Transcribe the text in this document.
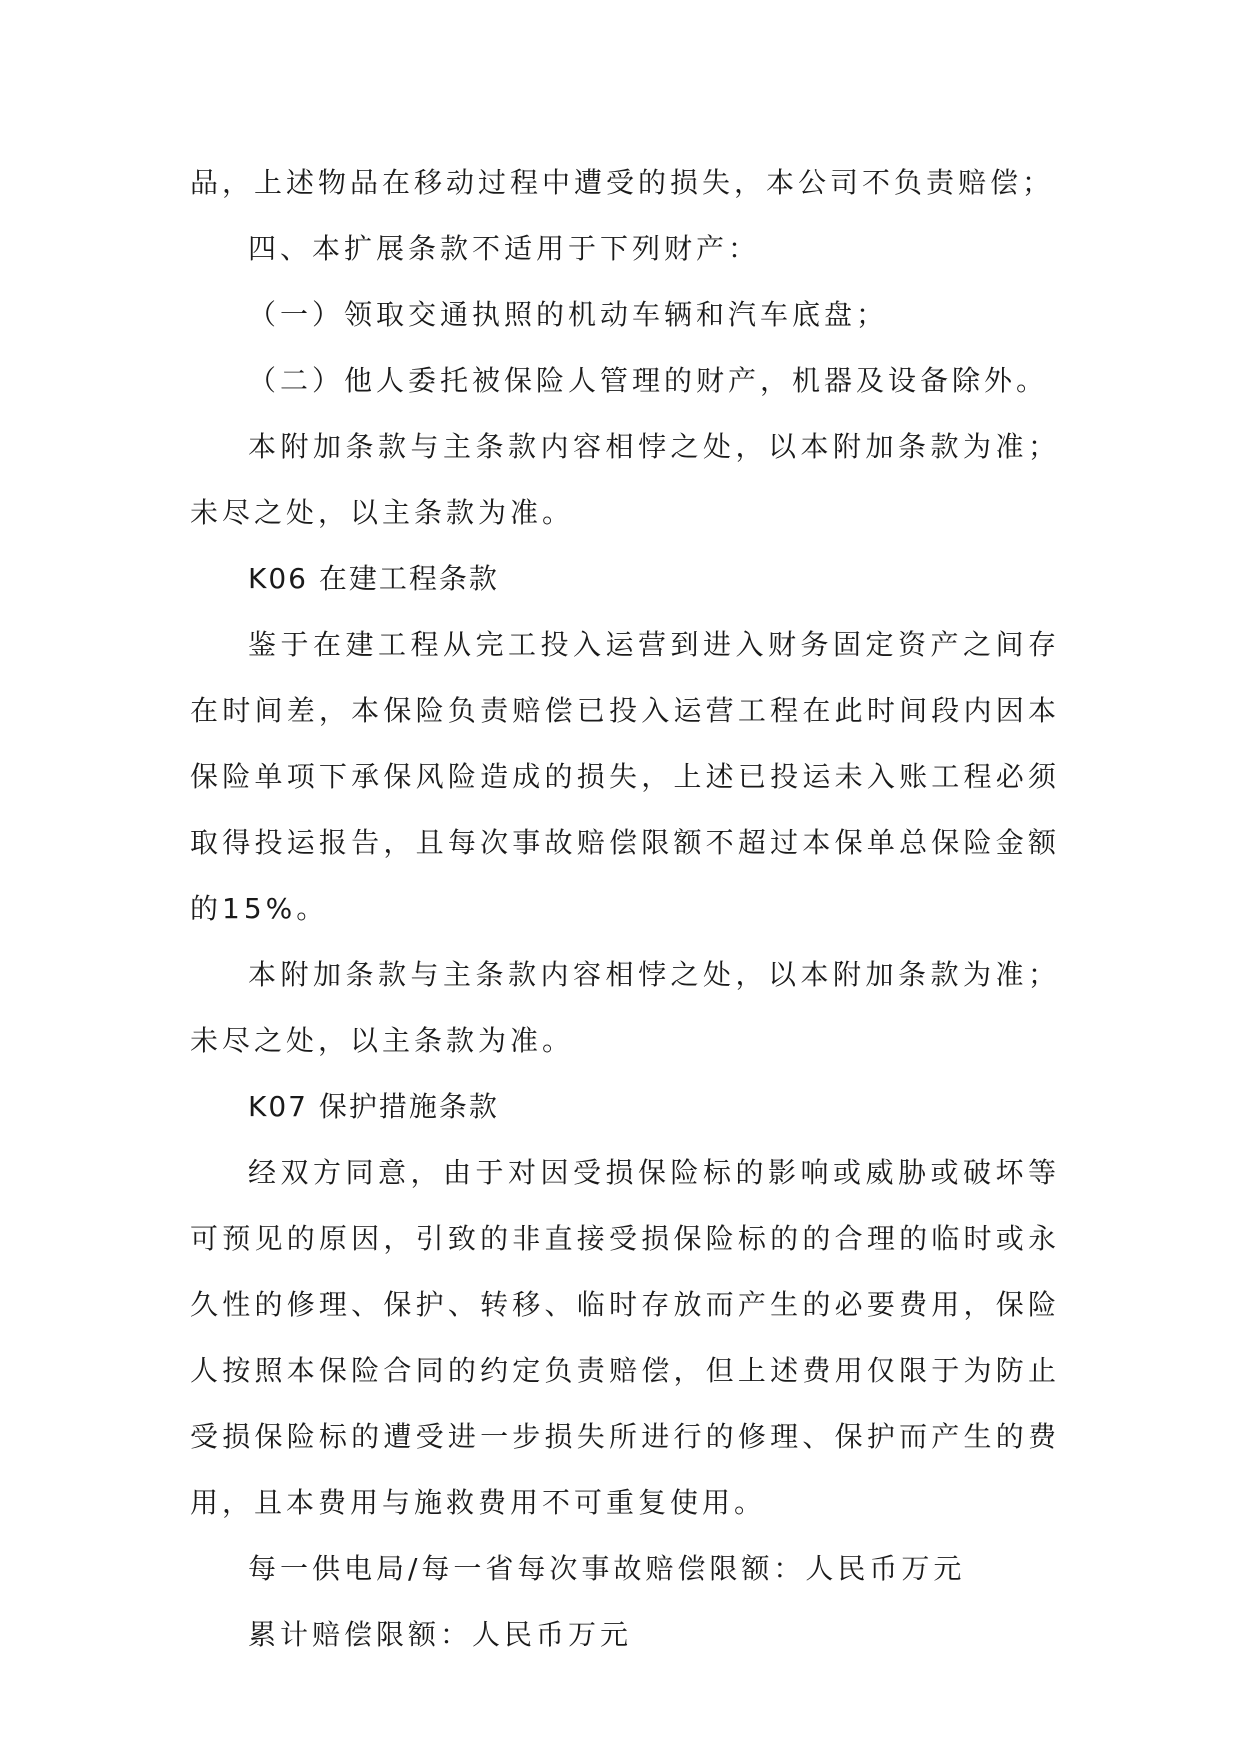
品，上述物品在移动过程中遭受的损失，本公司不负责赔偿；

四、本扩展条款不适用于下列财产：

（一）领取交通执照的机动车辆和汽车底盘；

（二）他人委托被保险人管理的财产，机器及设备除外。

本附加条款与主条款内容相悖之处，以本附加条款为准；未尽之处，以主条款为准。

K06 在建工程条款

鉴于在建工程从完工投入运营到进入财务固定资产之间存在时间差，本保险负责赔偿已投入运营工程在此时间段内因本保险单项下承保风险造成的损失，上述已投运未入账工程必须取得投运报告，且每次事故赔偿限额不超过本保单总保险金额的15%。

本附加条款与主条款内容相悖之处，以本附加条款为准；未尽之处，以主条款为准。

K07 保护措施条款

经双方同意，由于对因受损保险标的影响或威胁或破坏等可预见的原因，引致的非直接受损保险标的的合理的临时或永久性的修理、保护、转移、临时存放而产生的必要费用，保险人按照本保险合同的约定负责赔偿，但上述费用仅限于为防止受损保险标的遭受进一步损失所进行的修理、保护而产生的费用，且本费用与施救费用不可重复使用。

每一供电局/每一省每次事故赔偿限额：人民币万元

累计赔偿限额：人民币万元
